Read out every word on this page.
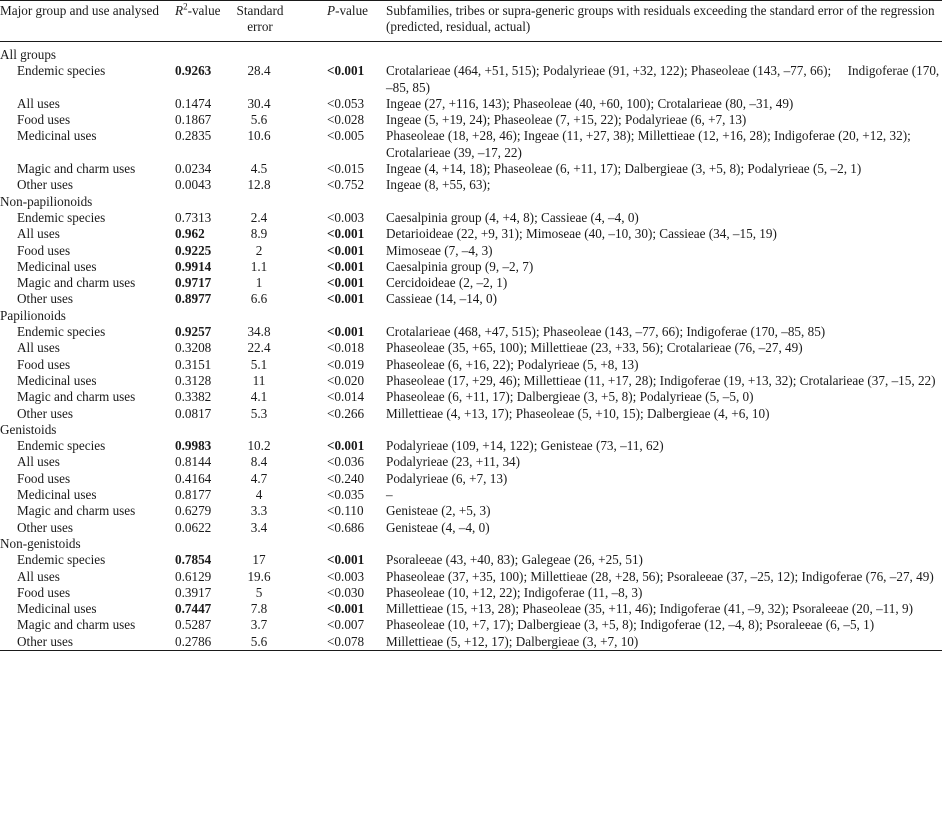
Major group and use analysed	$R^2$-value	Standard error	P-value	Subfamilies, tribes or supra-generic groups with residuals exceeding the standard error of the regression (predicted, residual, actual)
All groups				
Endemic species	0.9263	28.4	<0.001	Crotalarieae (464, +51, 515); Podalyrieae (91, +32, 122); Phaseoleae (143, –77, 66);     Indigoferae (170, –85, 85)
All uses	0.1474	30.4	<0.053	Ingeae (27, +116, 143); Phaseoleae (40, +60, 100); Crotalarieae (80, –31, 49)
Food uses	0.1867	5.6	<0.028	Ingeae (5, +19, 24); Phaseoleae (7, +15, 22); Podalyrieae (6, +7, 13)
Medicinal uses	0.2835	10.6	<0.005	Phaseoleae (18, +28, 46); Ingeae (11, +27, 38); Millettieae (12, +16, 28); Indigoferae (20, +12, 32); Crotalarieae (39, –17, 22)
Magic and charm uses	0.0234	4.5	<0.015	Ingeae (4, +14, 18); Phaseoleae (6, +11, 17); Dalbergieae (3, +5, 8); Podalyrieae (5, –2, 1)
Other uses	0.0043	12.8	<0.752	Ingeae (8, +55, 63);
Non-papilionoids				
Endemic species	0.7313	2.4	<0.003	Caesalpinia group (4, +4, 8); Cassieae (4, –4, 0)
All uses	0.962	8.9	<0.001	Detarioideae (22, +9, 31); Mimoseae (40, –10, 30); Cassieae (34, –15, 19)
Food uses	0.9225	2	<0.001	Mimoseae (7, –4, 3)
Medicinal uses	0.9914	1.1	<0.001	Caesalpinia group (9, –2, 7)
Magic and charm uses	0.9717	1	<0.001	Cercidoideae (2, –2, 1)
Other uses	0.8977	6.6	<0.001	Cassieae (14, –14, 0)
Papilionoids				
Endemic species	0.9257	34.8	<0.001	Crotalarieae (468, +47, 515); Phaseoleae (143, –77, 66); Indigoferae (170, –85, 85)
All uses	0.3208	22.4	<0.018	Phaseoleae (35, +65, 100); Millettieae (23, +33, 56); Crotalarieae (76, –27, 49)
Food uses	0.3151	5.1	<0.019	Phaseoleae (6, +16, 22); Podalyrieae (5, +8, 13)
Medicinal uses	0.3128	11	<0.020	Phaseoleae (17, +29, 46); Millettieae (11, +17, 28); Indigoferae (19, +13, 32); Crotalarieae (37, –15, 22)
Magic and charm uses	0.3382	4.1	<0.014	Phaseoleae (6, +11, 17); Dalbergieae (3, +5, 8); Podalyrieae (5, –5, 0)
Other uses	0.0817	5.3	<0.266	Millettieae (4, +13, 17); Phaseoleae (5, +10, 15); Dalbergieae (4, +6, 10)
Genistoids				
Endemic species	0.9983	10.2	<0.001	Podalyrieae (109, +14, 122); Genisteae (73, –11, 62)
All uses	0.8144	8.4	<0.036	Podalyrieae (23, +11, 34)
Food uses	0.4164	4.7	<0.240	Podalyrieae (6, +7, 13)
Medicinal uses	0.8177	4	<0.035	–
Magic and charm uses	0.6279	3.3	<0.110	Genisteae (2, +5, 3)
Other uses	0.0622	3.4	<0.686	Genisteae (4, –4, 0)
Non-genistoids				
Endemic species	0.7854	17	<0.001	Psoraleeae (43, +40, 83); Galegeae (26, +25, 51)
All uses	0.6129	19.6	<0.003	Phaseoleae (37, +35, 100); Millettieae (28, +28, 56); Psoraleeae (37, –25, 12); Indigoferae (76, –27, 49)
Food uses	0.3917	5	<0.030	Phaseoleae (10, +12, 22); Indigoferae (11, –8, 3)
Medicinal uses	0.7447	7.8	<0.001	Millettieae (15, +13, 28); Phaseoleae (35, +11, 46); Indigoferae (41, –9, 32); Psoraleeae (20, –11, 9)
Magic and charm uses	0.5287	3.7	<0.007	Phaseoleae (10, +7, 17); Dalbergieae (3, +5, 8); Indigoferae (12, –4, 8); Psoraleeae (6, –5, 1)
Other uses	0.2786	5.6	<0.078	Millettieae (5, +12, 17); Dalbergieae (3, +7, 10)
